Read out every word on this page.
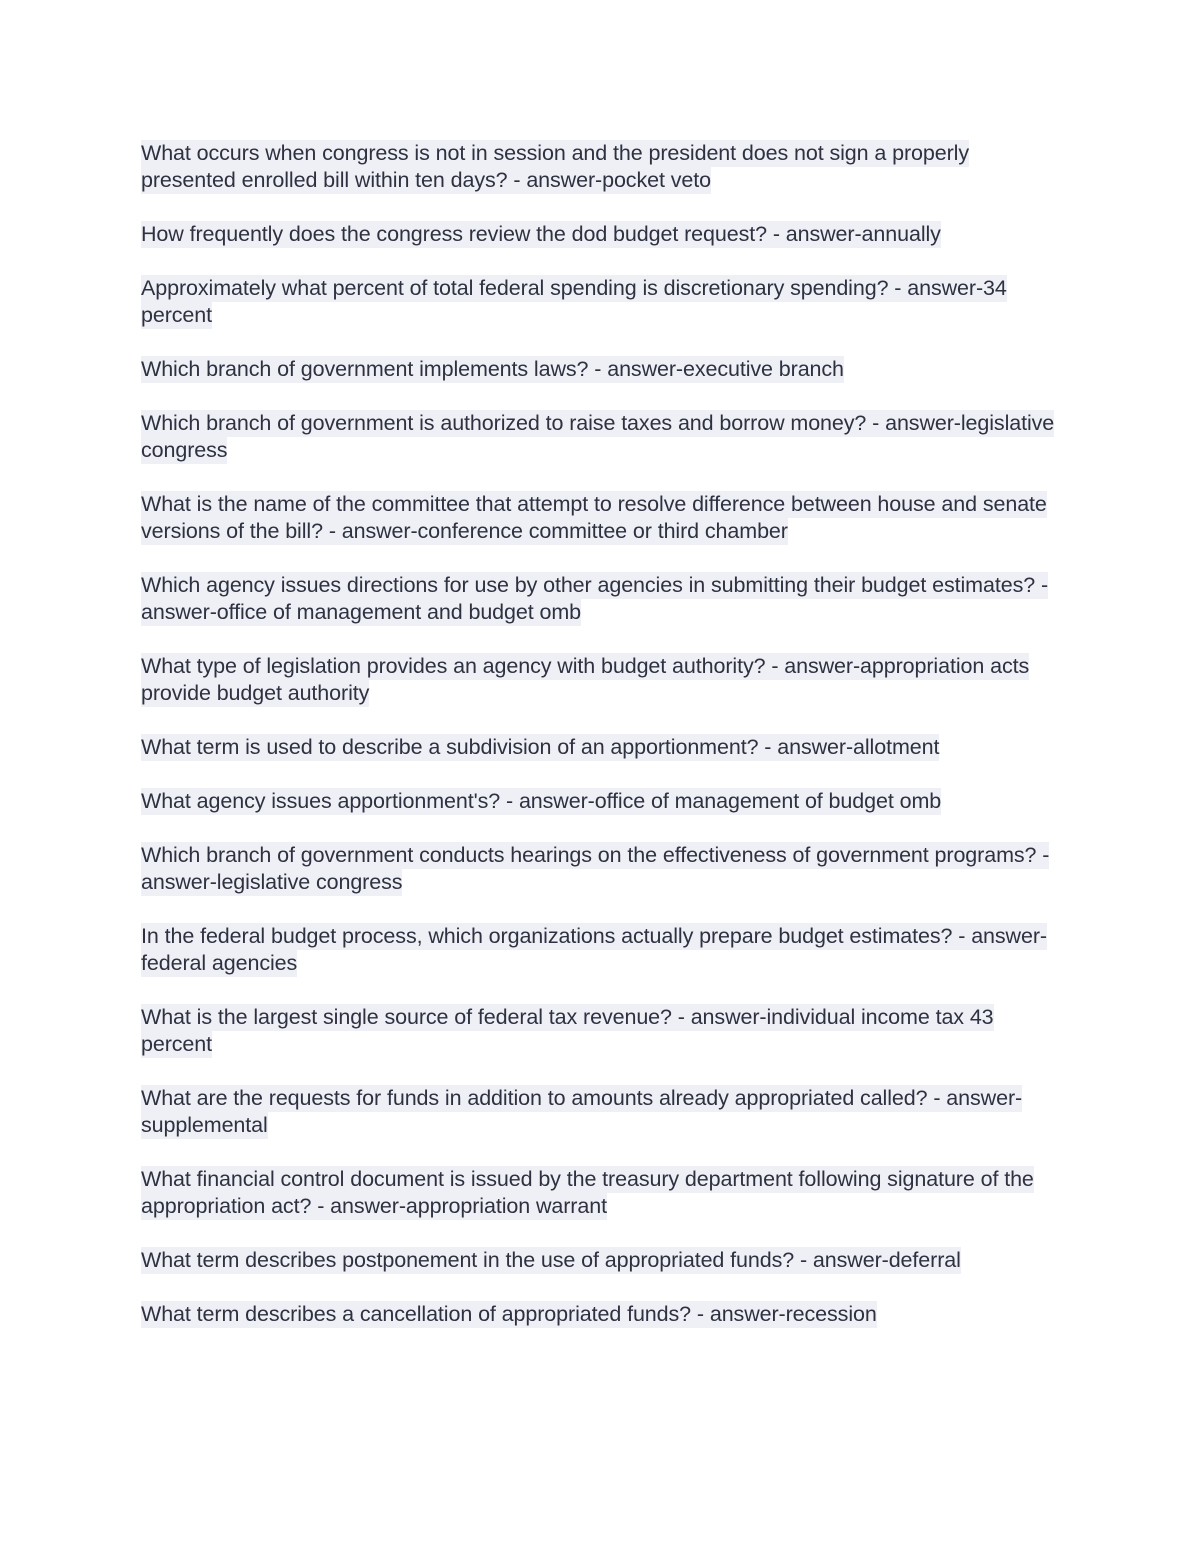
What occurs when congress is not in session and the president does not sign a properly presented enrolled bill within ten days? - answer-pocket veto
How frequently does the congress review the dod budget request? - answer-annually
Approximately what percent of total federal spending is discretionary spending? - answer-34 percent
Which branch of government implements laws? - answer-executive branch
Which branch of government is authorized to raise taxes and borrow money? - answer-legislative congress
What is the name of the committee that attempt to resolve difference between house and senate versions of the bill? - answer-conference committee or third chamber
Which agency issues directions for use by other agencies in submitting their budget estimates? - answer-office of management and budget omb
What type of legislation provides an agency with budget authority? - answer-appropriation acts provide budget authority
What term is used to describe a subdivision of an apportionment? - answer-allotment
What agency issues apportionment's? - answer-office of management of budget omb
Which branch of government conducts hearings on the effectiveness of government programs? - answer-legislative congress
In the federal budget process, which organizations actually prepare budget estimates? - answer-federal agencies
What is the largest single source of federal tax revenue? - answer-individual income tax 43 percent
What are the requests for funds in addition to amounts already appropriated called? - answer-supplemental
What financial control document is issued by the treasury department following signature of the appropriation act? - answer-appropriation warrant
What term describes postponement in the use of appropriated funds? - answer-deferral
What term describes a cancellation of appropriated funds? - answer-recession
